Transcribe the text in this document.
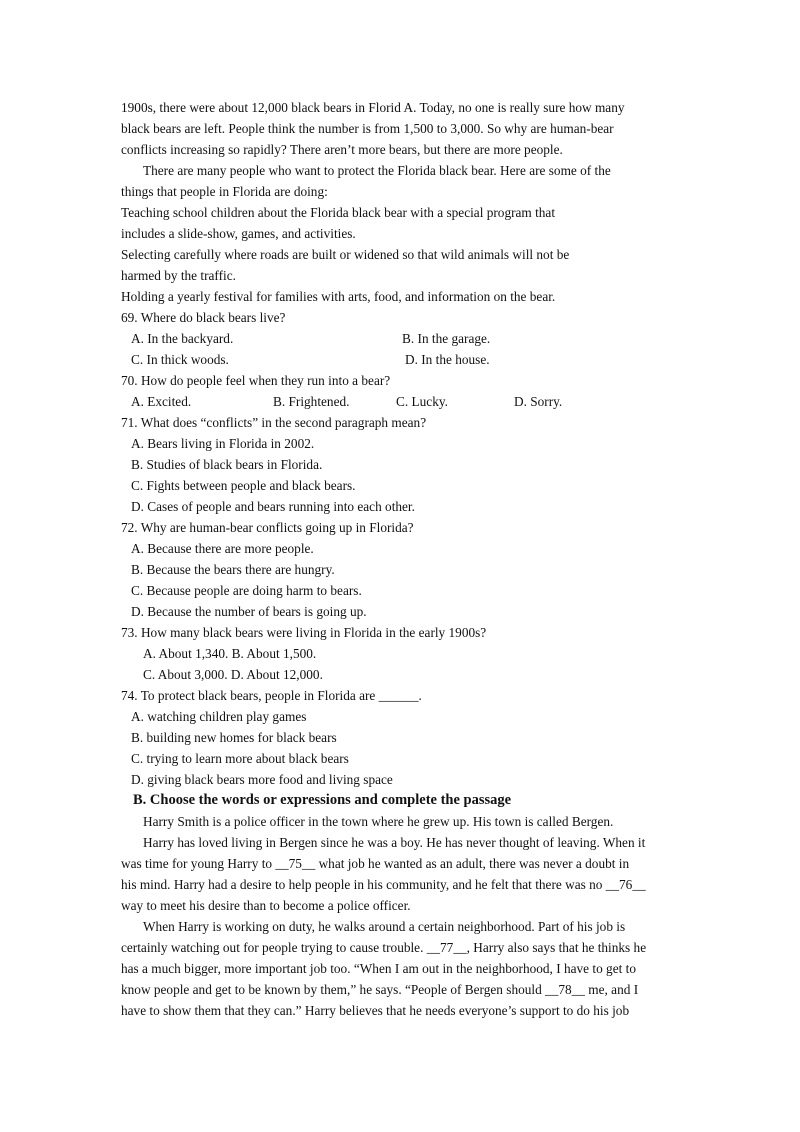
1900s, there were about 12,000 black bears in Florid A. Today, no one is really sure how many
black bears are left. People think the number is from 1,500 to 3,000. So why are human-bear
conflicts increasing so rapidly? There aren’t more bears, but there are more people.
There are many people who want to protect the Florida black bear. Here are some of the
things that people in Florida are doing:
Teaching school children about the Florida black bear with a special program that
includes a slide-show, games, and activities.
Selecting carefully where roads are built or widened so that wild animals will not be
harmed by the traffic.
Holding a yearly festival for families with arts, food, and information on the bear.
69. Where do black bears live?
A. In the backyard.	B. In the garage.
C. In thick woods.	D. In the house.
70. How do people feel when they run into a bear?
A. Excited.	B. Frightened.	C. Lucky.	D. Sorry.
71. What does “conflicts” in the second paragraph mean?
A. Bears living in Florida in 2002.
B. Studies of black bears in Florida.
C. Fights between people and black bears.
D. Cases of people and bears running into each other.
72. Why are human-bear conflicts going up in Florida?
A. Because there are more people.
B. Because the bears there are hungry.
C. Because people are doing harm to bears.
D. Because the number of bears is going up.
73. How many black bears were living in Florida in the early 1900s?
A. About 1,340. B. About 1,500.
C. About 3,000. D. About 12,000.
74. To protect black bears, people in Florida are ______.
A. watching children play games
B. building new homes for black bears
C. trying to learn more about black bears
D. giving black bears more food and living space
B. Choose the words or expressions and complete the passage
Harry Smith is a police officer in the town where he grew up. His town is called Bergen.
Harry has loved living in Bergen since he was a boy. He has never thought of leaving. When it
was time for young Harry to __75__ what job he wanted as an adult, there was never a doubt in
his mind. Harry had a desire to help people in his community, and he felt that there was no __76__
way to meet his desire than to become a police officer.
When Harry is working on duty, he walks around a certain neighborhood. Part of his job is
certainly watching out for people trying to cause trouble. __77__, Harry also says that he thinks he
has a much bigger, more important job too. “When I am out in the neighborhood, I have to get to
know people and get to be known by them,” he says. “People of Bergen should __78__ me, and I
have to show them that they can.” Harry believes that he needs everyone’s support to do his job
